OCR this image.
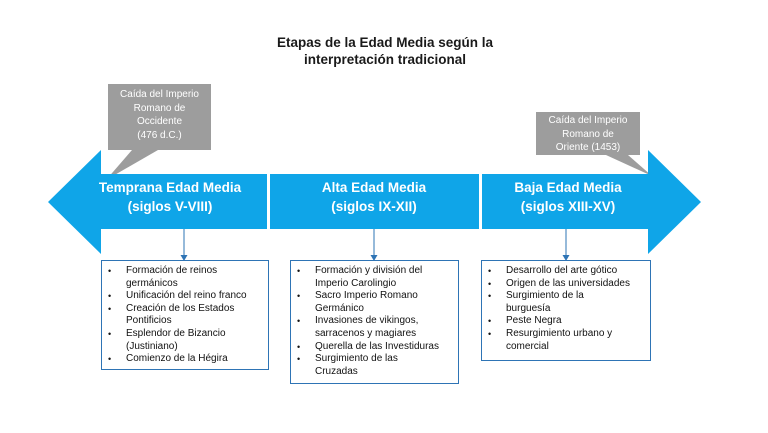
Etapas de la Edad Media según la
interpretación tradicional
Caída del Imperio
Romano de
Occidente
(476 d.C.)
Caída del Imperio
Romano de
Oriente (1453)
Temprana Edad Media
(siglos V-VIII)
Alta Edad Media
(siglos IX-XII)
Baja Edad Media
(siglos XIII-XV)
• Formación de reinos
germánicos
• Unificación del reino franco
• Creación de los Estados
Pontificios
• Esplendor de Bizancio
(Justiniano)
• Comienzo de la Hégira
• Formación y división del
Imperio Carolingio
• Sacro Imperio Romano
Germánico
• Invasiones de vikingos,
sarracenos y magiares
• Querella de las Investiduras
• Surgimiento de las
Cruzadas
• Desarrollo del arte gótico
• Origen de las universidades
• Surgimiento de la
burguesía
• Peste Negra
• Resurgimiento urbano y
comercial
